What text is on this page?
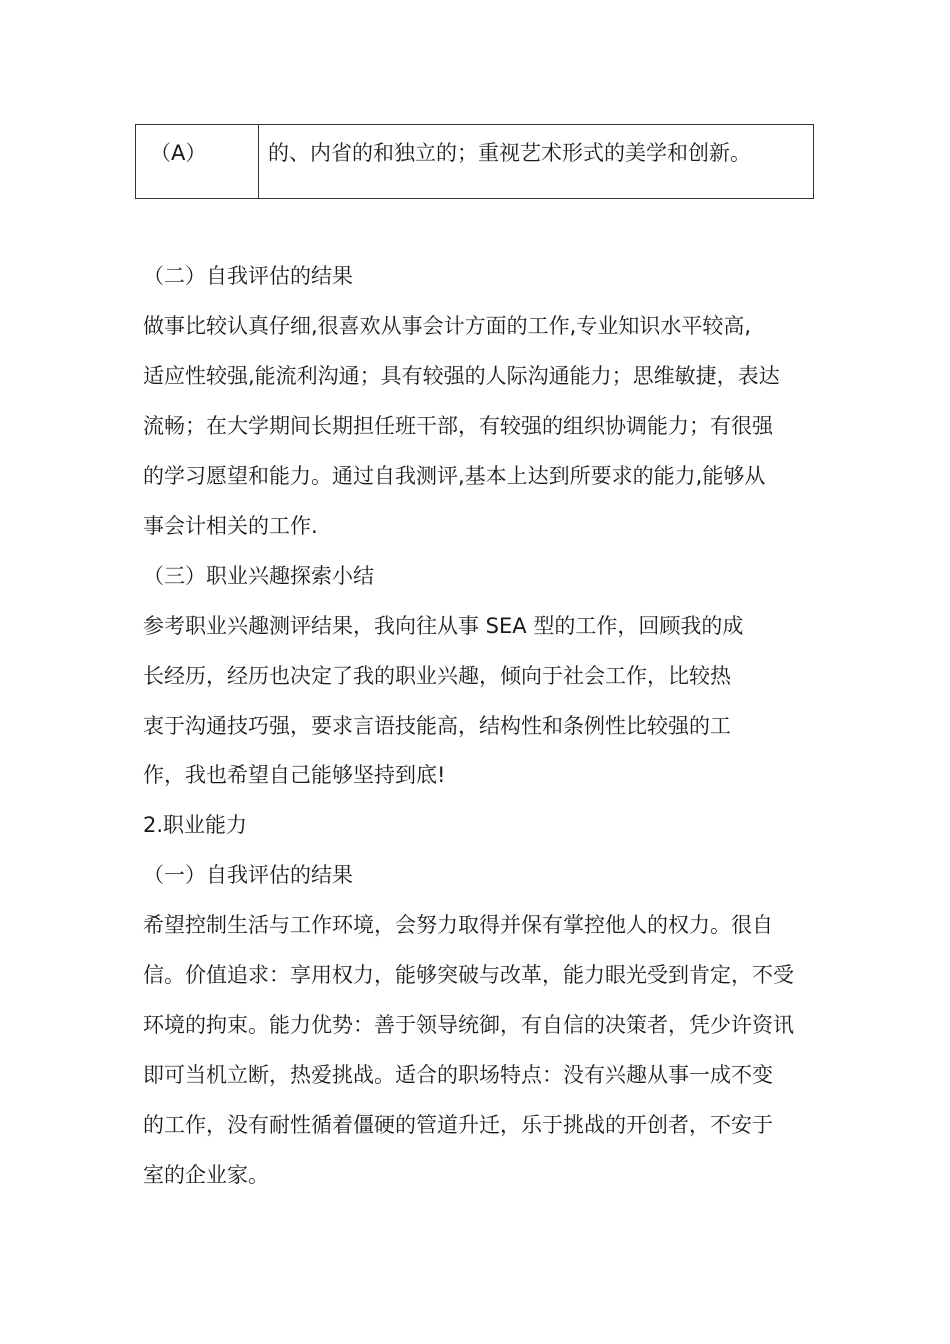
（A）	的、内省的和独立的；重视艺术形式的美学和创新。
（二）自我评估的结果
做事比较认真仔细,很喜欢从事会计方面的工作,专业知识水平较高,
适应性较强,能流利沟通；具有较强的人际沟通能力；思维敏捷，表达
流畅；在大学期间长期担任班干部，有较强的组织协调能力；有很强
的学习愿望和能力。通过自我测评,基本上达到所要求的能力,能够从
事会计相关的工作.
（三）职业兴趣探索小结
参考职业兴趣测评结果，我向往从事 SEA 型的工作，回顾我的成
长经历，经历也决定了我的职业兴趣，倾向于社会工作，比较热
衷于沟通技巧强，要求言语技能高，结构性和条例性比较强的工
作，我也希望自己能够坚持到底!
2.职业能力
（一）自我评估的结果
希望控制生活与工作环境，会努力取得并保有掌控他人的权力。很自
信。价值追求：享用权力，能够突破与改革，能力眼光受到肯定，不受
环境的拘束。能力优势：善于领导统御，有自信的决策者，凭少许资讯
即可当机立断，热爱挑战。适合的职场特点：没有兴趣从事一成不变
的工作，没有耐性循着僵硬的管道升迁，乐于挑战的开创者，不安于
室的企业家。
